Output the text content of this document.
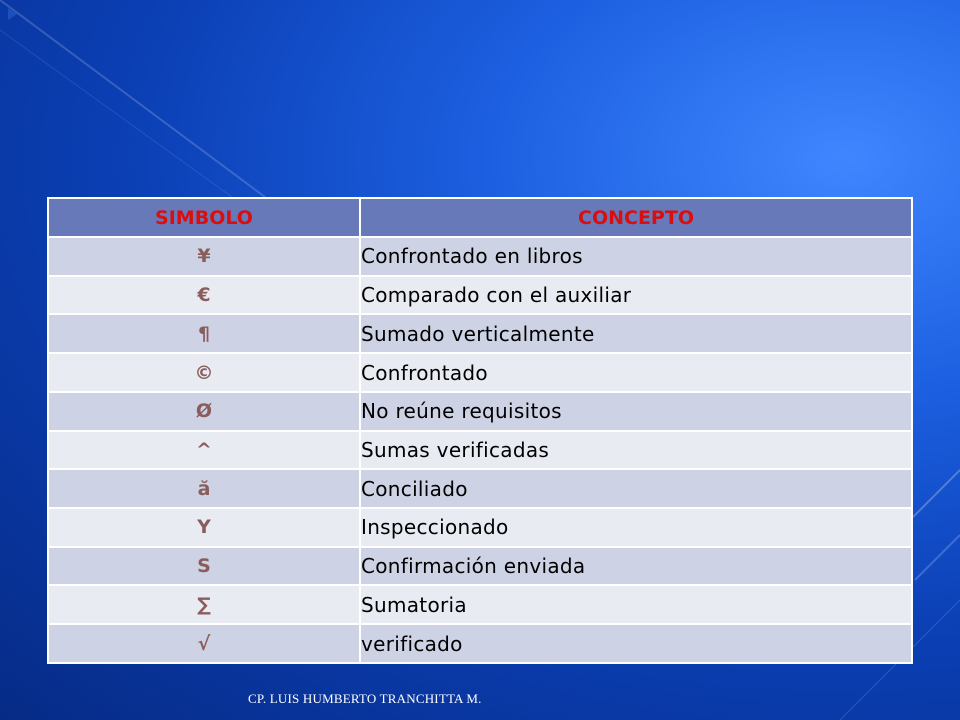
SIMBOLO	CONCEPTO
¥	Confrontado en libros
€	Comparado con el auxiliar
¶	Sumado verticalmente
©	Confrontado
Ø	No reúne requisitos
^	Sumas verificadas
ă	Conciliado
Y	Inspeccionado
S	Confirmación enviada
∑	Sumatoria
√	verificado
CP. LUIS HUMBERTO TRANCHITTA M.
